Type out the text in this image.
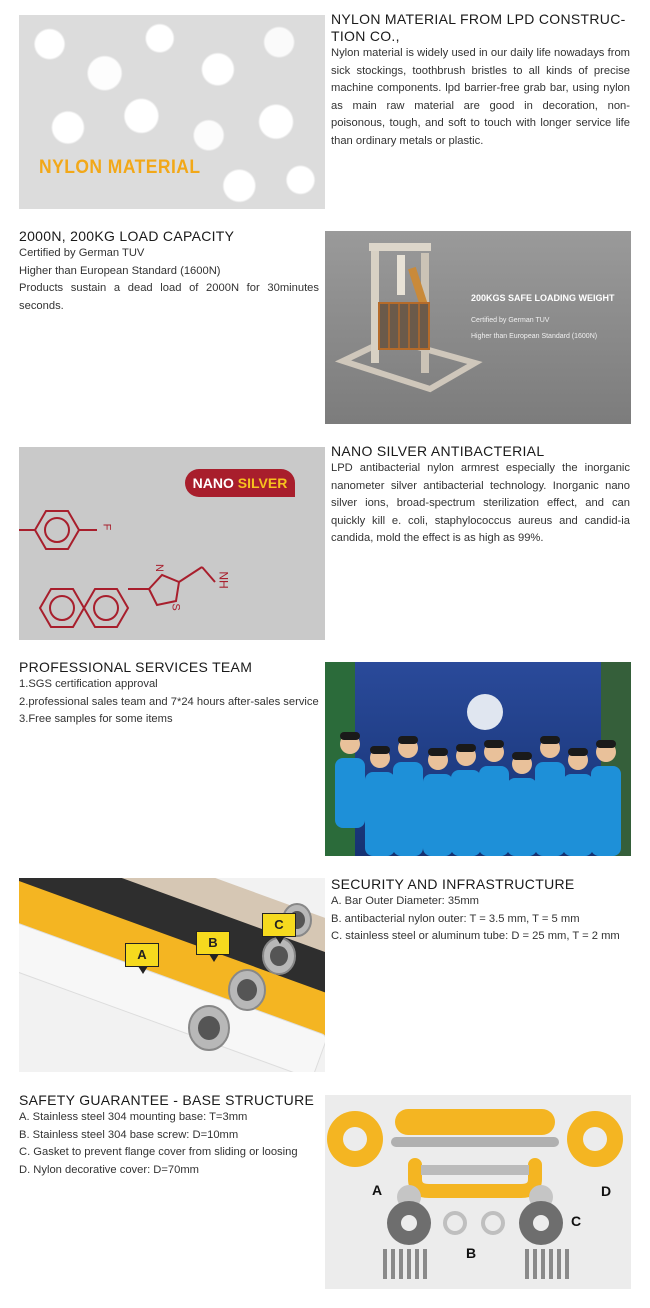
NYLON MATERIAL
NYLON MATERIAL FROM LPD CONSTRUC-
TION CO.,

Nylon material is widely used in our daily life nowadays from sick stockings, toothbrush bristles to all kinds of precise machine components. lpd barrier-free grab bar, using nylon as main raw material are good in decoration, non-poisonous, tough, and soft to touch with longer service life than ordinary metals or plastic.

2000N, 200KG LOAD CAPACITY
Certified by German TUV
Higher than European Standard (1600N)

Products sustain a dead load of 2000N for 30minutes seconds.

200KGS SAFE LOADING WEIGHT
Certified by German TUV
Higher than European Standard (1600N)
F
N
S
NH
NANO SILVER
NANO SILVER ANTIBACTERIAL

LPD antibacterial nylon armrest especially the inorganic nanometer silver antibacterial technology. Inorganic nano silver ions, broad-spectrum sterilization effect, and can quickly kill e. coli, staphylococcus aureus and candid-ia candida, mold the effect is as high as 99%.

PROFESSIONAL SERVICES TEAM
1.SGS certification approval

2.professional sales team and 7*24 hours after-sales service

3.Free samples for some items
A
B
C
SECURITY AND INFRASTRUCTURE
A. Bar Outer Diameter: 35mm
B. antibacterial nylon outer: T = 3.5 mm, T = 5 mm

C. stainless steel or aluminum tube: D = 25 mm, T = 2 mm

SAFETY GUARANTEE - BASE STRUCTURE
A. Stainless steel 304 mounting base: T=3mm
B. Stainless steel 304 base screw: D=10mm
C. Gasket to prevent flange cover from sliding or loosing
D. Nylon decorative cover: D=70mm
A
B
C
D
